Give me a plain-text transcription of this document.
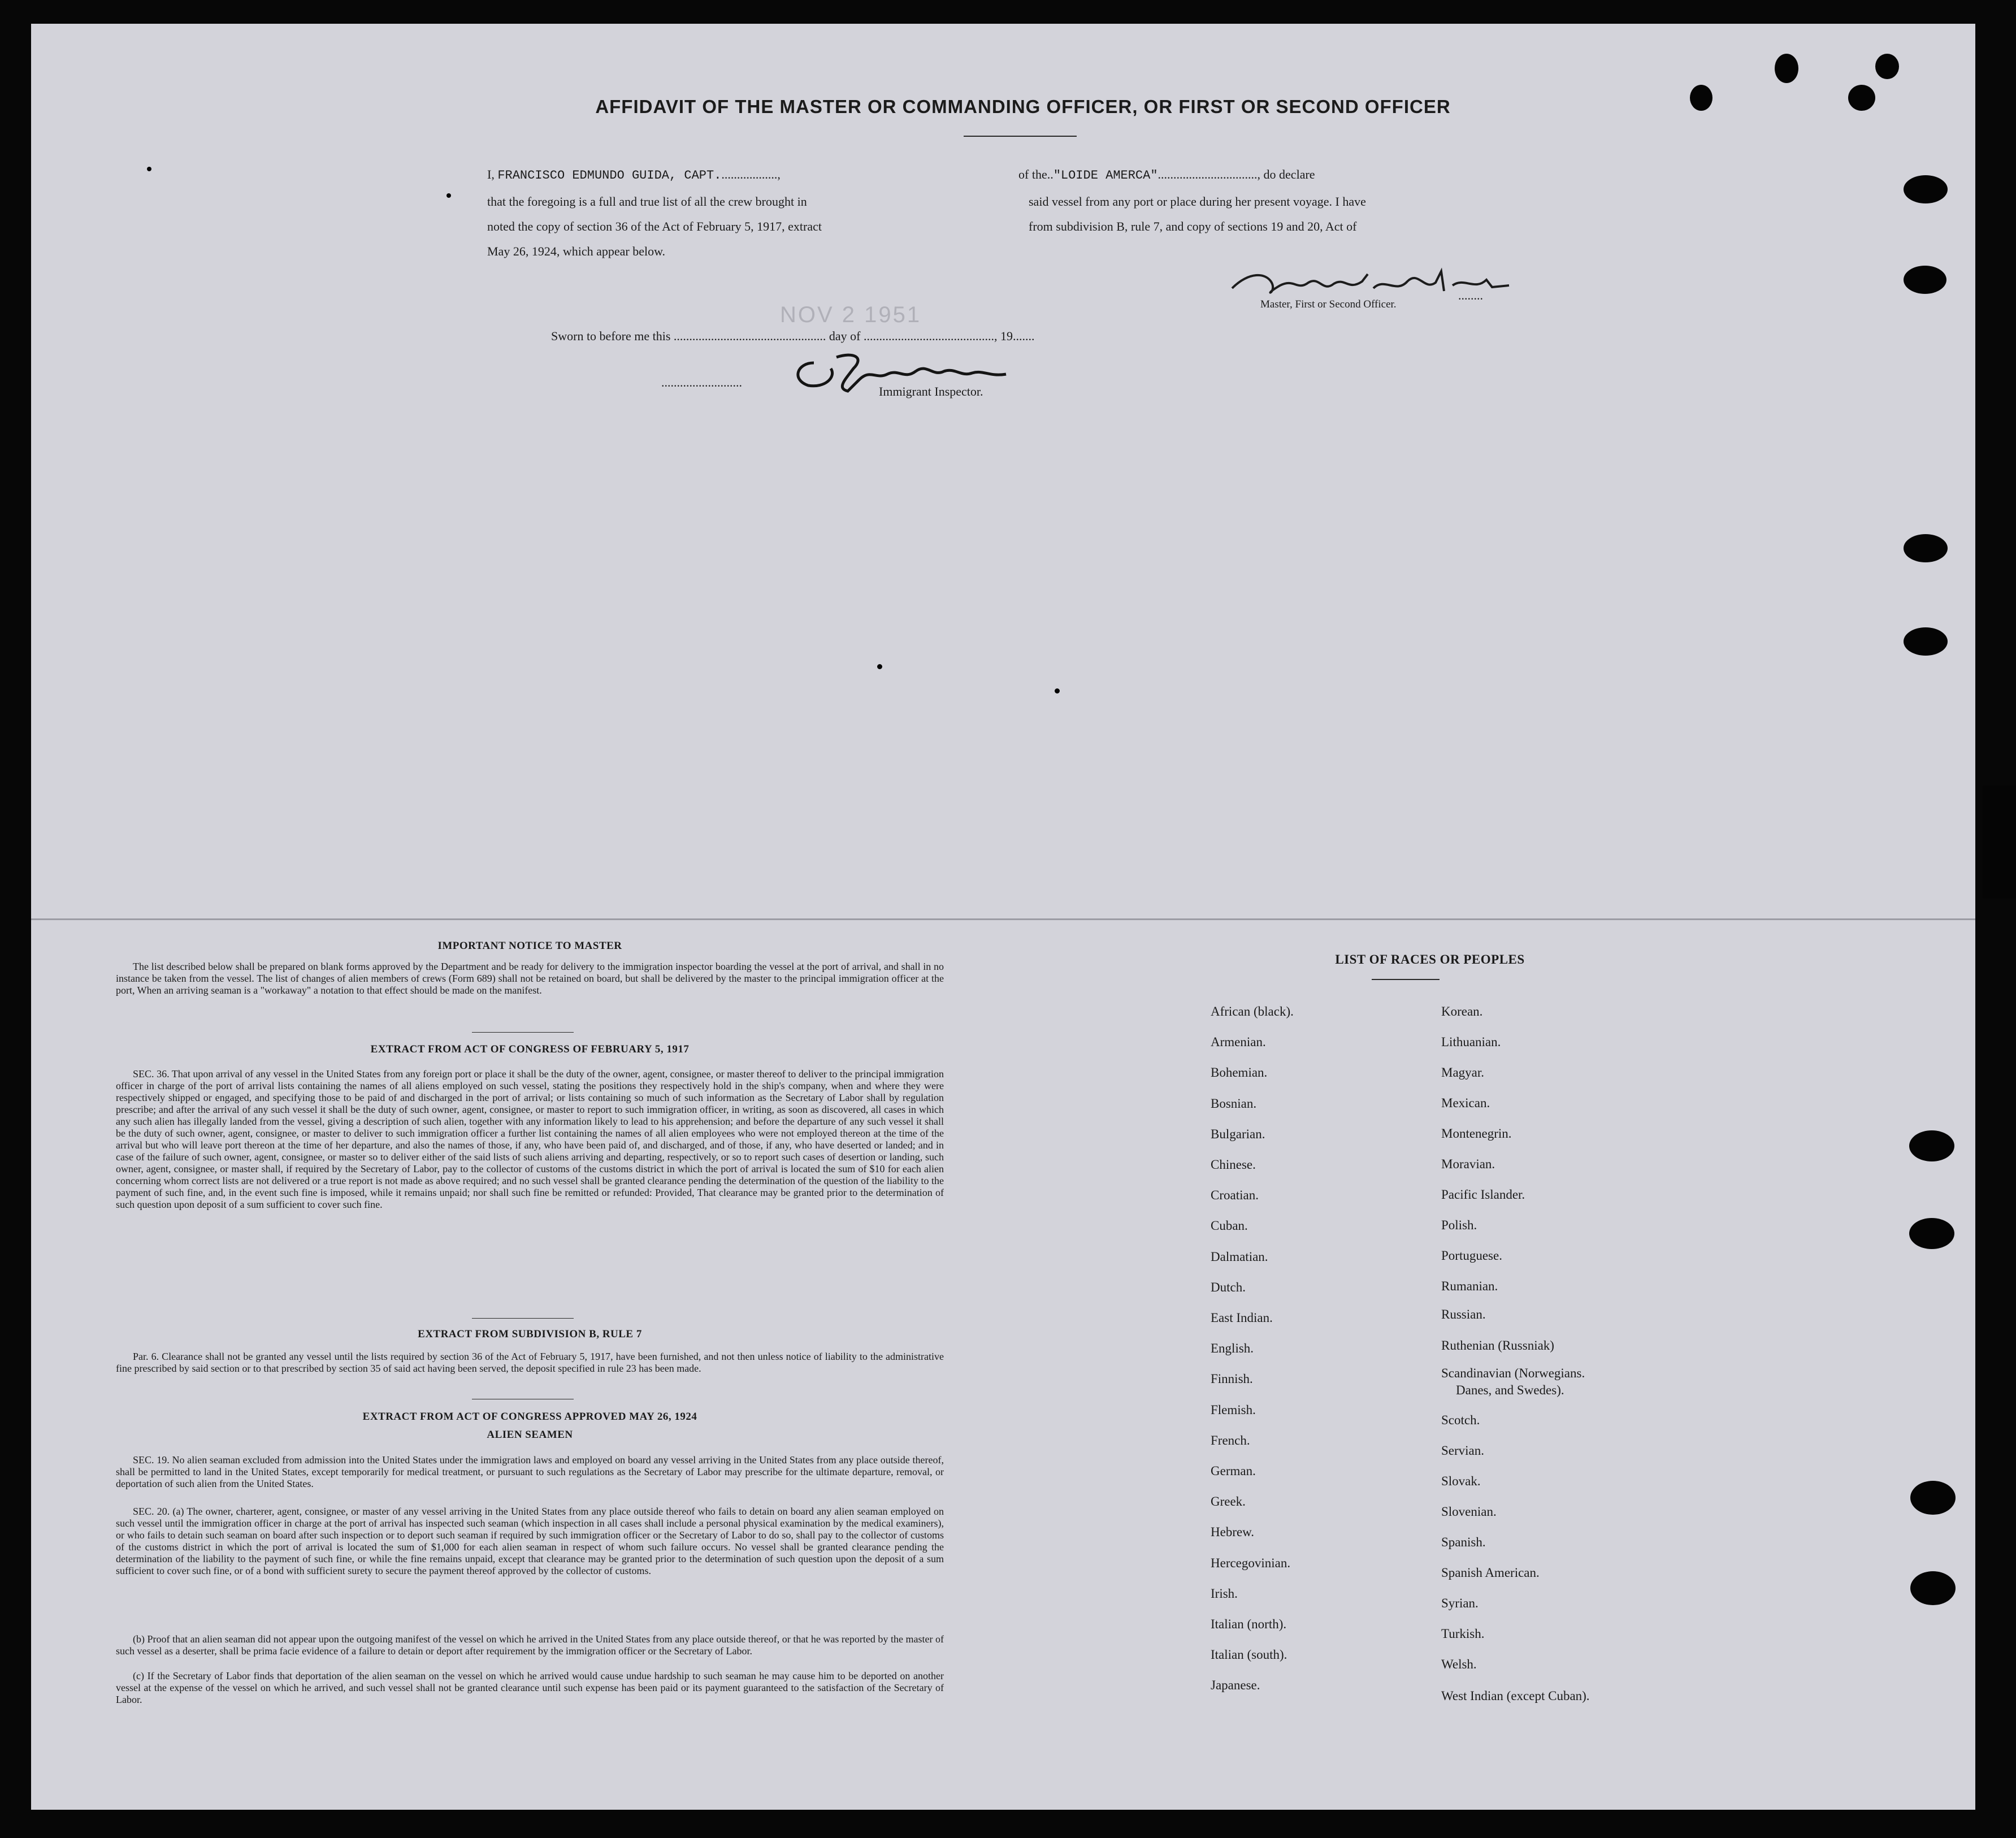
AFFIDAVIT OF THE MASTER OR COMMANDING OFFICER, OR FIRST OR SECOND OFFICER
I, FRANCISCO EDMUNDO GUIDA, CAPT...................,	of the.."LOIDE AMERCA"................................, do declare
that the foregoing is a full and true list of all the crew brought in	said vessel from any port or place during her present voyage. I have
noted the copy of section 36 of the Act of February 5, 1917, extract	from subdivision B, rule 7, and copy of sections 19 and 20, Act of
May 26, 1924, which appear below.
........
Master, First or Second Officer.
NOV 2 1951
Sworn to before me this ................................................. day of .........................................., 19.......
..........................
Immigrant Inspector.
IMPORTANT NOTICE TO MASTER
The list described below shall be prepared on blank forms approved by the Department and be ready for delivery to the immigration inspector boarding the vessel at the port of arrival, and shall in no instance be taken from the vessel. The list of changes of alien members of crews (Form 689) shall not be retained on board, but shall be delivered by the master to the principal immigration officer at the port, When an arriving seaman is a "workaway" a notation to that effect should be made on the manifest.
EXTRACT FROM ACT OF CONGRESS OF FEBRUARY 5, 1917
SEC. 36. That upon arrival of any vessel in the United States from any foreign port or place it shall be the duty of the owner, agent, consignee, or master thereof to deliver to the principal immigration officer in charge of the port of arrival lists containing the names of all aliens employed on such vessel, stating the positions they respectively hold in the ship's company, when and where they were respectively shipped or engaged, and specifying those to be paid of and discharged in the port of arrival; or lists containing so much of such information as the Secretary of Labor shall by regulation prescribe; and after the arrival of any such vessel it shall be the duty of such owner, agent, consignee, or master to report to such immigration officer, in writing, as soon as discovered, all cases in which any such alien has illegally landed from the vessel, giving a description of such alien, together with any information likely to lead to his apprehension; and before the departure of any such vessel it shall be the duty of such owner, agent, consignee, or master to deliver to such immigration officer a further list containing the names of all alien employees who were not employed thereon at the time of the arrival but who will leave port thereon at the time of her departure, and also the names of those, if any, who have been paid of, and discharged, and of those, if any, who have deserted or landed; and in case of the failure of such owner, agent, consignee, or master so to deliver either of the said lists of such aliens arriving and departing, respectively, or so to report such cases of desertion or landing, such owner, agent, consignee, or master shall, if required by the Secretary of Labor, pay to the collector of customs of the customs district in which the port of arrival is located the sum of $10 for each alien concerning whom correct lists are not delivered or a true report is not made as above required; and no such vessel shall be granted clearance pending the determination of the question of the liability to the payment of such fine, and, in the event such fine is imposed, while it remains unpaid; nor shall such fine be remitted or refunded: Provided, That clearance may be granted prior to the determination of such question upon deposit of a sum sufficient to cover such fine.
EXTRACT FROM SUBDIVISION B, RULE 7
Par. 6. Clearance shall not be granted any vessel until the lists required by section 36 of the Act of February 5, 1917, have been furnished, and not then unless notice of liability to the administrative fine prescribed by said section or to that prescribed by section 35 of said act having been served, the deposit specified in rule 23 has been made.
EXTRACT FROM ACT OF CONGRESS APPROVED MAY 26, 1924
ALIEN SEAMEN
SEC. 19. No alien seaman excluded from admission into the United States under the immigration laws and employed on board any vessel arriving in the United States from any place outside thereof, shall be permitted to land in the United States, except temporarily for medical treatment, or pursuant to such regulations as the Secretary of Labor may prescribe for the ultimate departure, removal, or deportation of such alien from the United States.
SEC. 20. (a) The owner, charterer, agent, consignee, or master of any vessel arriving in the United States from any place outside thereof who fails to detain on board any alien seaman employed on such vessel until the immigration officer in charge at the port of arrival has inspected such seaman (which inspection in all cases shall include a personal physical examination by the medical examiners), or who fails to detain such seaman on board after such inspection or to deport such seaman if required by such immigration officer or the Secretary of Labor to do so, shall pay to the collector of customs of the customs district in which the port of arrival is located the sum of $1,000 for each alien seaman in respect of whom such failure occurs. No vessel shall be granted clearance pending the determination of the liability to the payment of such fine, or while the fine remains unpaid, except that clearance may be granted prior to the determination of such question upon the deposit of a sum sufficient to cover such fine, or of a bond with sufficient surety to secure the payment thereof approved by the collector of customs.
(b) Proof that an alien seaman did not appear upon the outgoing manifest of the vessel on which he arrived in the United States from any place outside thereof, or that he was reported by the master of such vessel as a deserter, shall be prima facie evidence of a failure to detain or deport after requirement by the immigration officer or the Secretary of Labor.
(c) If the Secretary of Labor finds that deportation of the alien seaman on the vessel on which he arrived would cause undue hardship to such seaman he may cause him to be deported on another vessel at the expense of the vessel on which he arrived, and such vessel shall not be granted clearance until such expense has been paid or its payment guaranteed to the satisfaction of the Secretary of Labor.
LIST OF RACES OR PEOPLES
African (black).
Armenian.
Bohemian.
Bosnian.
Bulgarian.
Chinese.
Croatian.
Cuban.
Dalmatian.
Dutch.
East Indian.
English.
Finnish.
Flemish.
French.
German.
Greek.
Hebrew.
Hercegovinian.
Irish.
Italian (north).
Italian (south).
Japanese.
Korean.
Lithuanian.
Magyar.
Mexican.
Montenegrin.
Moravian.
Pacific Islander.
Polish.
Portuguese.
Rumanian.
Russian.
Ruthenian (Russniak)
Scandinavian (Norwegians.
Danes, and Swedes).
Scotch.
Servian.
Slovak.
Slovenian.
Spanish.
Spanish American.
Syrian.
Turkish.
Welsh.
West Indian (except Cuban).
